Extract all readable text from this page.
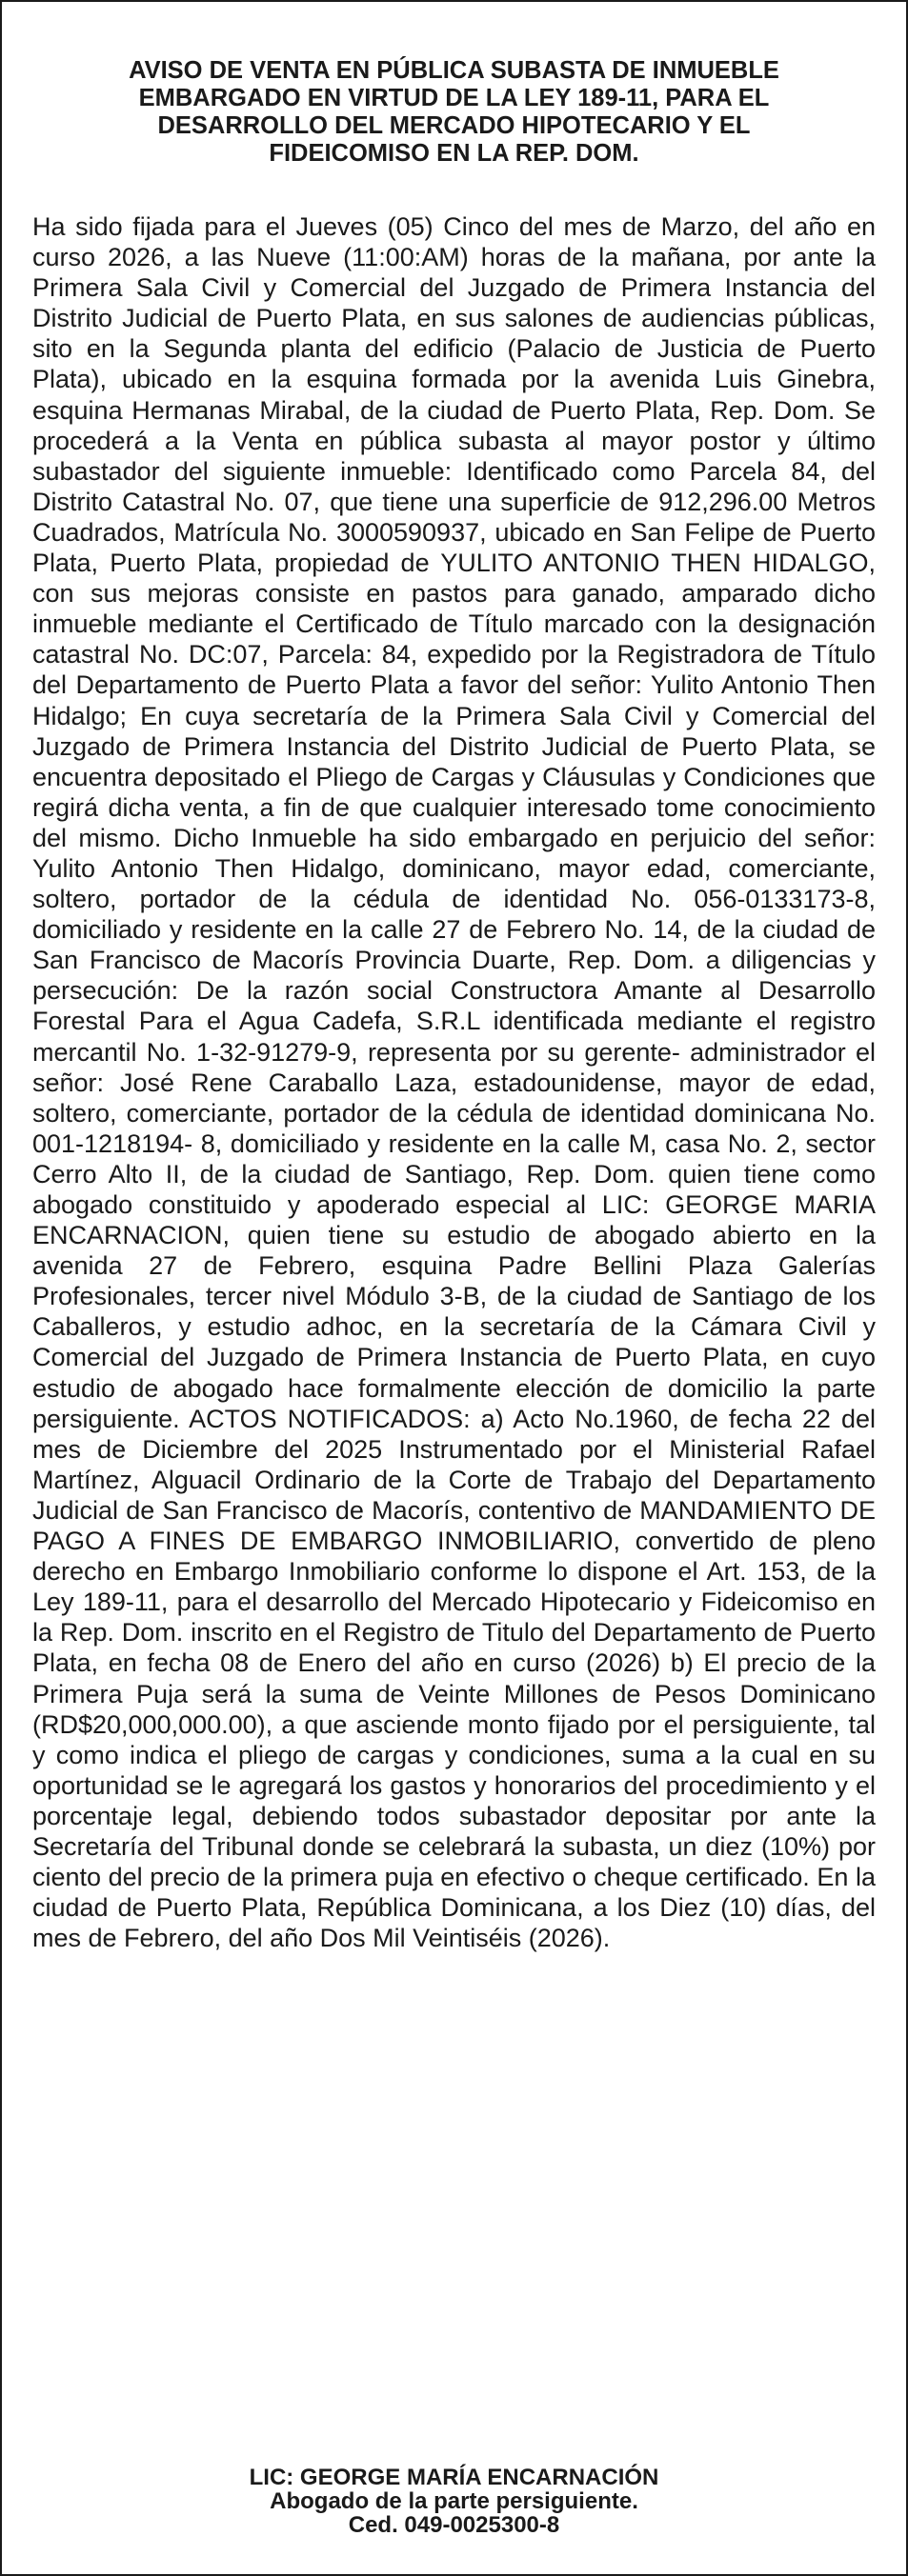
AVISO DE VENTA EN PÚBLICA SUBASTA DE INMUEBLE
EMBARGADO EN VIRTUD DE LA LEY 189-11, PARA EL
DESARROLLO DEL MERCADO HIPOTECARIO Y EL
FIDEICOMISO EN LA REP. DOM.

Ha sido fijada para el Jueves (05) Cinco del mes de Marzo, del año en curso 2026, a las Nueve (11:00:AM) horas de la mañana, por ante la Primera Sala Civil y Comercial del Juzgado de Primera Instancia del Distrito Judicial de Puerto Plata, en sus salones de audiencias públicas, sito en la Segunda planta del edificio (Palacio de Justicia de Puerto Plata), ubicado en la esquina formada por la avenida Luis Ginebra, esquina Hermanas Mirabal, de la ciudad de Puerto Plata, Rep. Dom. Se procederá a la Venta en pública subasta al mayor postor y último subastador del siguiente inmueble: Identificado como Parcela 84, del Distrito Catastral No. 07, que tiene una superficie de 912,296.00 Metros Cuadrados, Matrícula No. 3000590937, ubicado en San Felipe de Puerto Plata, Puerto Plata, propiedad de YULITO ANTONIO THEN HIDALGO, con sus mejoras consiste en pastos para ganado, amparado dicho inmueble mediante el Certificado de Título marcado con la designación catastral No. DC:07, Parcela: 84, expedido por la Registradora de Título del Departamento de Puerto Plata a favor del señor: Yulito Antonio Then Hidalgo; En cuya secretaría de la Primera Sala Civil y Comercial del Juzgado de Primera Instancia del Distrito Judicial de Puerto Plata, se encuentra depositado el Pliego de Cargas y Cláusulas y Condiciones que regirá dicha venta, a fin de que cualquier interesado tome conocimiento del mismo. Dicho Inmueble ha sido embargado en perjuicio del señor: Yulito Antonio Then Hidalgo, dominicano, mayor edad, comerciante, soltero, portador de la cédula de identidad No. 056-0133173-8, domiciliado y residente en la calle 27 de Febrero No. 14, de la ciudad de San Francisco de Macorís Provincia Duarte, Rep. Dom. a diligencias y persecución: De la razón social Constructora Amante al Desarrollo Forestal Para el Agua Cadefa, S.R.L identificada mediante el registro mercantil No. 1-32-91279-9, representa por su gerente- administrador el señor: José Rene Caraballo Laza, estadounidense, mayor de edad, soltero, comerciante, portador de la cédula de identidad dominicana No. 001-1218194- 8, domiciliado y residente en la calle M, casa No. 2, sector Cerro Alto II, de la ciudad de Santiago, Rep. Dom. quien tiene como abogado constituido y apoderado especial al LIC: GEORGE MARIA ENCARNACION, quien tiene su estudio de abogado abierto en la avenida 27 de Febrero, esquina Padre Bellini Plaza Galerías Profesionales, tercer nivel Módulo 3-B, de la ciudad de Santiago de los Caballeros, y estudio adhoc, en la secretaría de la Cámara Civil y Comercial del Juzgado de Primera Instancia de Puerto Plata, en cuyo estudio de abogado hace formalmente elección de domicilio la parte persiguiente. ACTOS NOTIFICADOS: a) Acto No.1960, de fecha 22 del mes de Diciembre del 2025 Instrumentado por el Ministerial Rafael Martínez, Alguacil Ordinario de la Corte de Trabajo del Departamento Judicial de San Francisco de Macorís, contentivo de MANDAMIENTO DE PAGO A FINES DE EMBARGO INMOBILIARIO, convertido de pleno derecho en Embargo Inmobiliario conforme lo dispone el Art. 153, de la Ley 189-11, para el desarrollo del Mercado Hipotecario y Fideicomiso en la Rep. Dom. inscrito en el Registro de Titulo del Departamento de Puerto Plata, en fecha 08 de Enero del año en curso (2026) b) El precio de la Primera Puja será la suma de Veinte Millones de Pesos Dominicano (RD$20,000,000.00), a que asciende monto fijado por el persiguiente, tal y como indica el pliego de cargas y condiciones, suma a la cual en su oportunidad se le agregará los gastos y honorarios del procedimiento y el porcentaje legal, debiendo todos subastador depositar por ante la Secretaría del Tribunal donde se celebrará la subasta, un diez (10%) por ciento del precio de la primera puja en efectivo o cheque certificado. En la ciudad de Puerto Plata, República Dominicana, a los Diez (10) días, del mes de Febrero, del año Dos Mil Veintiséis (2026).

LIC: GEORGE MARÍA ENCARNACIÓN
Abogado de la parte persiguiente.
Ced. 049-0025300-8
